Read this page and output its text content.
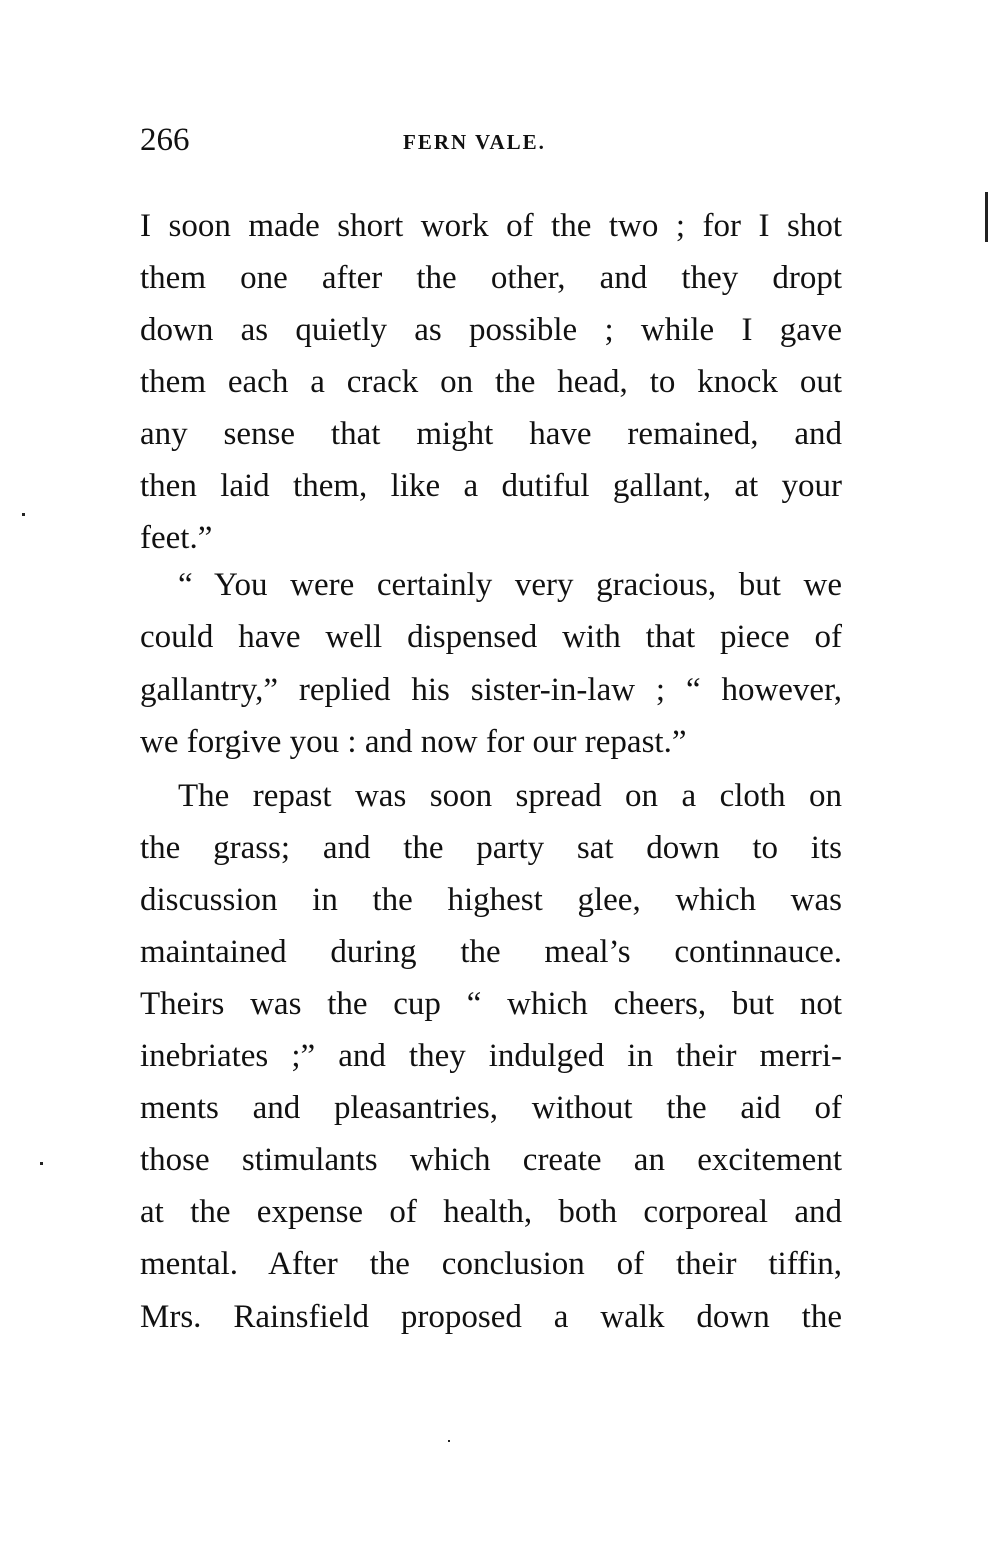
266	FERN VALE.
I soon made short work of the two ; for I shot
them one after the other, and they dropt
down as quietly as possible ; while I gave
them each a crack on the head, to knock out
any sense that might have remained, and
then laid them, like a dutiful gallant, at your
feet.”
“ You were certainly very gracious, but we
could have well dispensed with that piece of
gallantry,” replied his sister-in-law ; “ however,
we forgive you : and now for our repast.”
The repast was soon spread on a cloth on
the grass; and the party sat down to its
discussion in the highest glee, which was
maintained during the meal’s continnauce.
Theirs was the cup “ which cheers, but not
inebriates ;” and they indulged in their merri-
ments and pleasantries, without the aid of
those stimulants which create an excitement
at the expense of health, both corporeal and
mental. After the conclusion of their tiffin,
Mrs. Rainsfield proposed a walk down the
